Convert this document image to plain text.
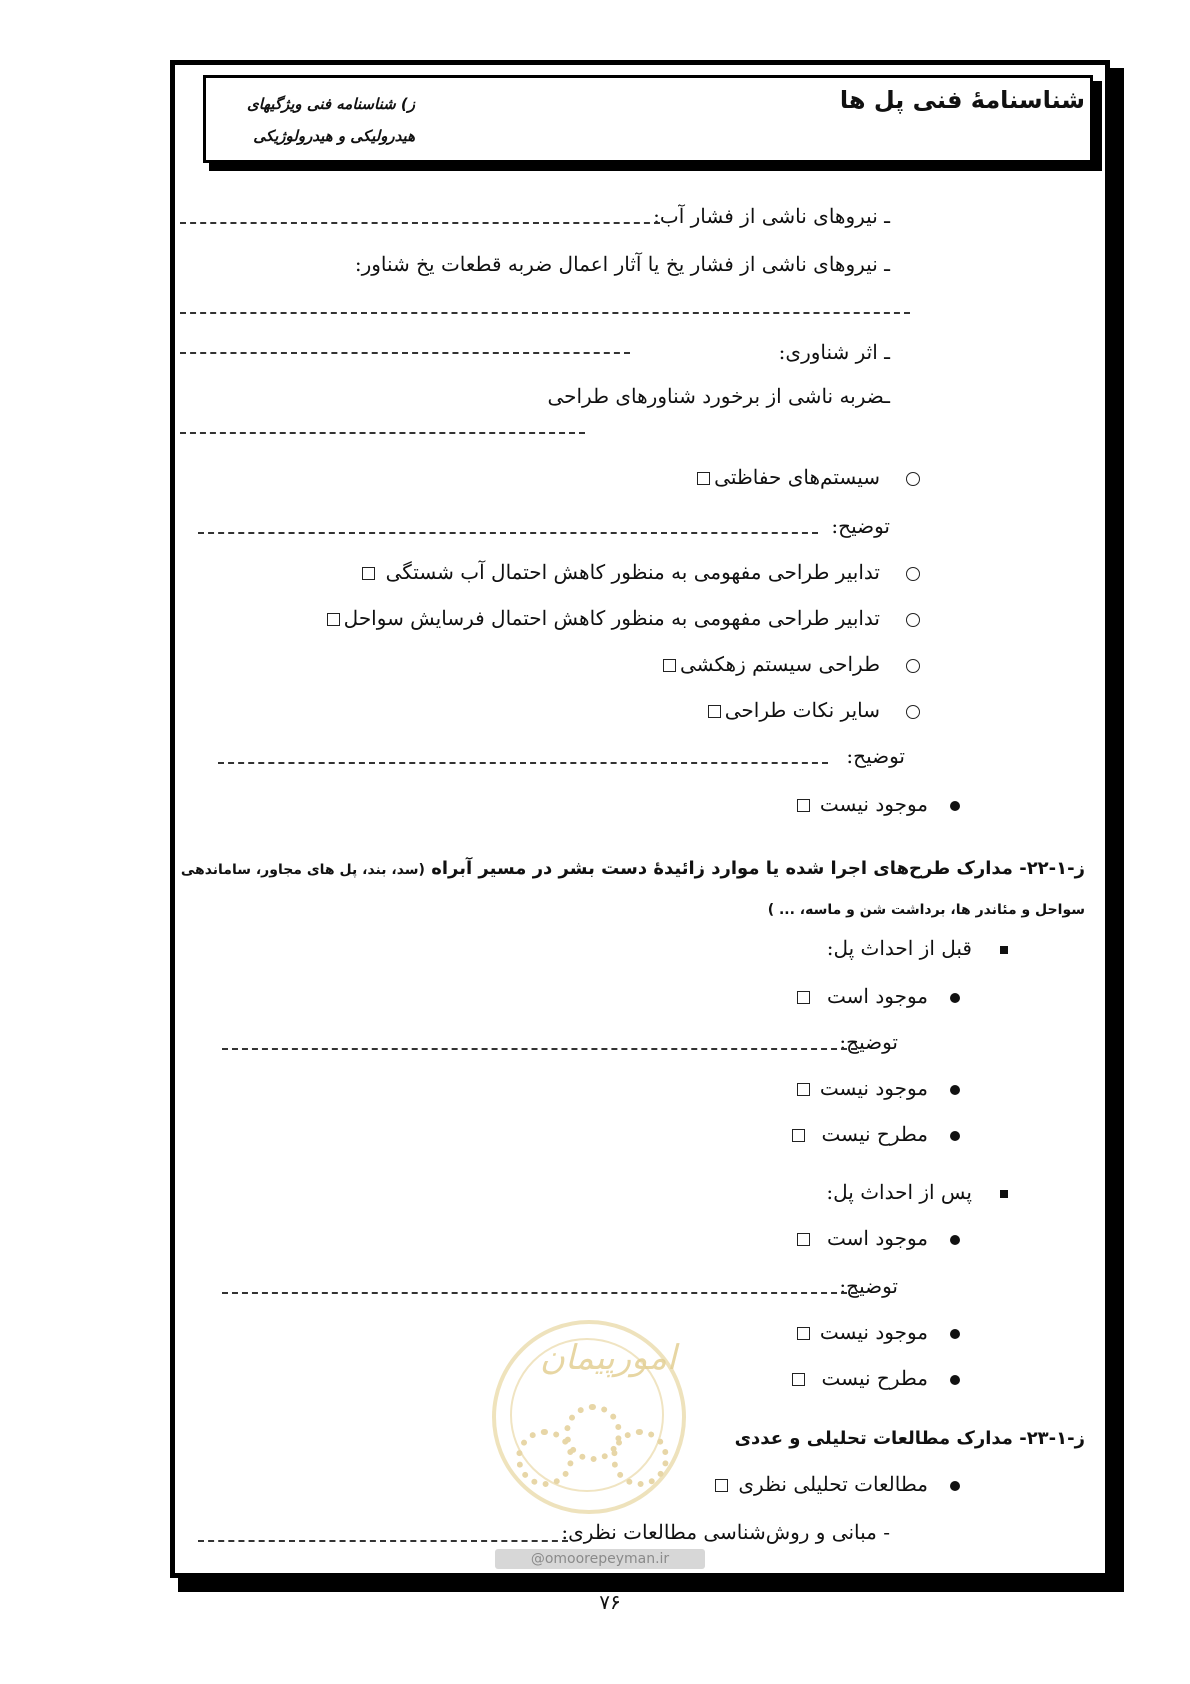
شناسنامۀ فنی پل ها
ز) شناسنامه فنی ویژگیهای
هیدرولیکی و هیدرولوژیکی
ـ نیروهای ناشی از فشار آب:
ـ نیروهای ناشی از فشار یخ یا آثار اعمال ضربه قطعات یخ شناور:
ـ اثر شناوری:
ـضربه ناشی از برخورد شناورهای طراحی
سیستم‌های حفاظتی
توضیح:
تدابیر طراحی مفهومی به منظور کاهش احتمال آب شستگی
تدابیر طراحی مفهومی به منظور کاهش احتمال فرسایش سواحل
طراحی سیستم زهکشی
سایر نکات طراحی
توضیح:
موجود نیست
ز-۱-۲۲- مدارک طرح‌های اجرا شده یا موارد زائیدۀ دست بشر در مسیر آبراه (سد، بند، پل های مجاور، ساماندهی
سواحل و مئاندر ها، برداشت شن و ماسه، ... )
قبل از احداث پل:
موجود است
توضیح:
موجود نیست
مطرح نیست
پس از احداث پل:
موجود است
توضیح:
موجود نیست
مطرح نیست
امورپیمان
ز-۱-۲۳- مدارک مطالعات تحلیلی و عددی
مطالعات تحلیلی نظری
- مبانی و روش‌شناسی مطالعات نظری:
@omoorepeyman.ir
۷۶
